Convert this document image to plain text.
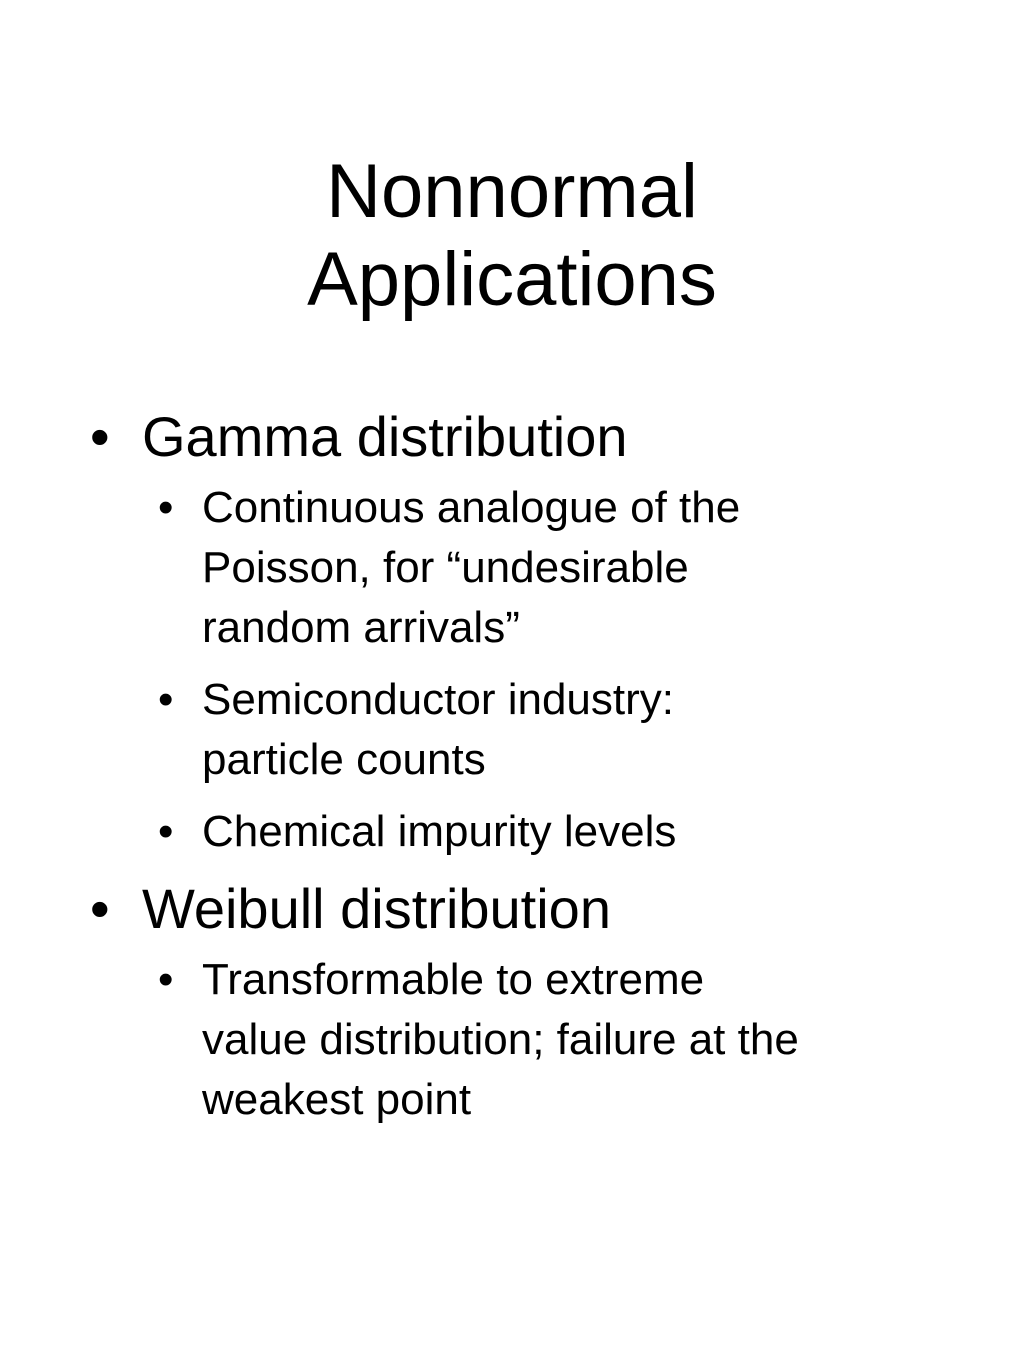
Nonnormal
Applications
• Gamma distribution
• Continuous analogue of the
Poisson, for “undesirable
random arrivals”
• Semiconductor industry:
particle counts
• Chemical impurity levels
• Weibull distribution
• Transformable to extreme
value distribution; failure at the
weakest point
